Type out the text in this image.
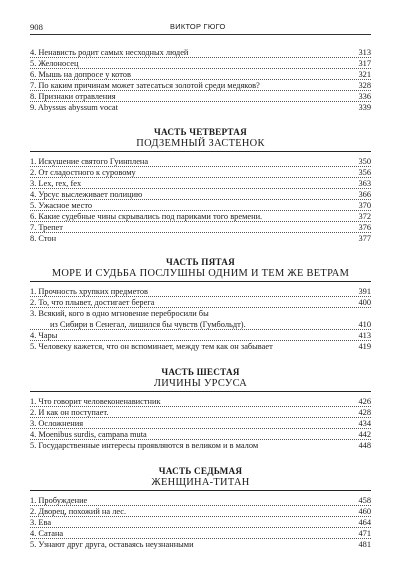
908	ВИКТОР ГЮГО
4. Ненависть родит самых несходных людей	313
5. Желоносец	317
6. Мышь на допросе у котов	321
7. По каким причинам может затесаться золотой среди медяков?	328
8. Признаки отравления	336
9. Abyssus abyssum vocat	339
ЧАСТЬ ЧЕТВЕРТАЯ
ПОДЗЕМНЫЙ ЗАСТЕНОК
1. Искушение святого Гуинплена	350
2. От сладостного к суровому	356
3. Lex, rex, fex	363
4. Урсус выслеживает полицию	366
5. Ужасное место	370
6. Какие судебные чины скрывались под париками того времени.	372
7. Трепет	376
8. Стон	377
ЧАСТЬ ПЯТАЯ
МОРЕ И СУДЬБА ПОСЛУШНЫ ОДНИМ И ТЕМ ЖЕ ВЕТРАМ
1. Прочность хрупких предметов	391
2. То, что плывет, достигает берега	400
3. Всякий, кого в одно мгновение перебросили бы
из Сибири в Сенегал, лишился бы чувств (Гумбольдт).	410
4. Чары	413
5. Человеку кажется, что он вспоминает, между тем как он забывает	419
ЧАСТЬ ШЕСТАЯ
ЛИЧИНЫ УРСУСА
1. Что говорит человеконенавистник	426
2. И как он поступает.	428
3. Осложнения	434
4. Moenibus surdis, campana muta	442
5. Государственные интересы проявляются в великом и в малом	448
ЧАСТЬ СЕДЬМАЯ
ЖЕНЩИНА-ТИТАН
1. Пробуждение	458
2. Дворец, похожий на лес.	460
3. Ева	464
4. Сатана	471
5. Узнают друг друга, оставаясь неузнанными	481
